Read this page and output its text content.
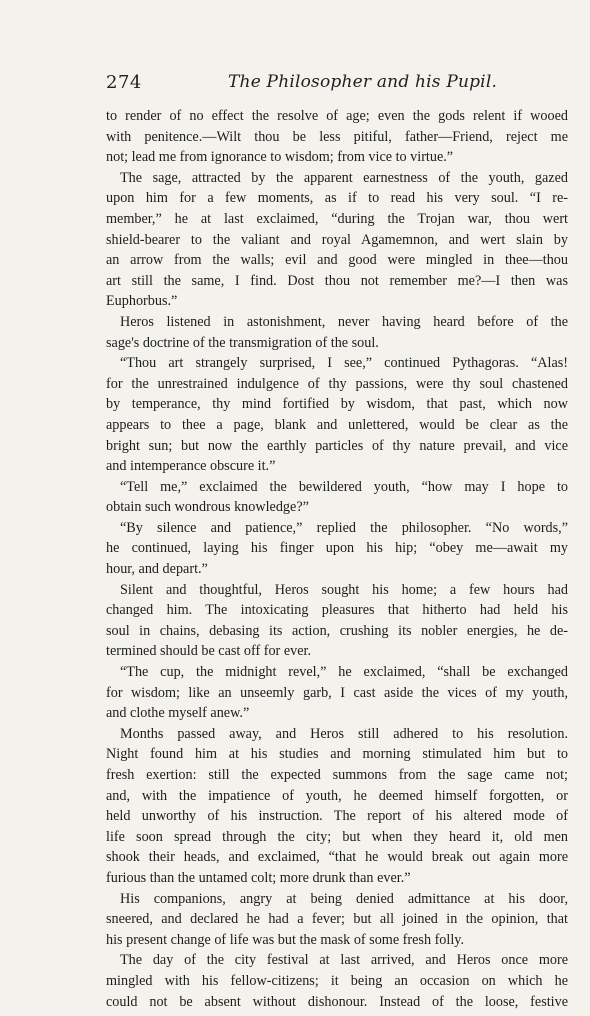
274	The Philosopher and his Pupil.
to render of no effect the resolve of age; even the gods relent if wooed
with penitence.—Wilt thou be less pitiful, father—Friend, reject me
not; lead me from ignorance to wisdom; from vice to virtue.”
The sage, attracted by the apparent earnestness of the youth, gazed
upon him for a few moments, as if to read his very soul. “I re-
member,” he at last exclaimed, “during the Trojan war, thou wert
shield-bearer to the valiant and royal Agamemnon, and wert slain by
an arrow from the walls; evil and good were mingled in thee—thou
art still the same, I find. Dost thou not remember me?—I then was
Euphorbus.”
Heros listened in astonishment, never having heard before of the
sage's doctrine of the transmigration of the soul.
“Thou art strangely surprised, I see,” continued Pythagoras. “Alas!
for the unrestrained indulgence of thy passions, were thy soul chastened
by temperance, thy mind fortified by wisdom, that past, which now
appears to thee a page, blank and unlettered, would be clear as the
bright sun; but now the earthly particles of thy nature prevail, and vice
and intemperance obscure it.”
“Tell me,” exclaimed the bewildered youth, “how may I hope to
obtain such wondrous knowledge?”
“By silence and patience,” replied the philosopher. “No words,”
he continued, laying his finger upon his hip; “obey me—await my
hour, and depart.”
Silent and thoughtful, Heros sought his home; a few hours had
changed him. The intoxicating pleasures that hitherto had held his
soul in chains, debasing its action, crushing its nobler energies, he de-
termined should be cast off for ever.
“The cup, the midnight revel,” he exclaimed, “shall be exchanged
for wisdom; like an unseemly garb, I cast aside the vices of my youth,
and clothe myself anew.”
Months passed away, and Heros still adhered to his resolution.
Night found him at his studies and morning stimulated him but to
fresh exertion: still the expected summons from the sage came not;
and, with the impatience of youth, he deemed himself forgotten, or
held unworthy of his instruction. The report of his altered mode of
life soon spread through the city; but when they heard it, old men
shook their heads, and exclaimed, “that he would break out again more
furious than the untamed colt; more drunk than ever.”
His companions, angry at being denied admittance at his door,
sneered, and declared he had a fever; but all joined in the opinion, that
his present change of life was but the mask of some fresh folly.
The day of the city festival at last arrived, and Heros once more
mingled with his fellow-citizens; it being an occasion on which he
could not be absent without dishonour. Instead of the loose, festive
